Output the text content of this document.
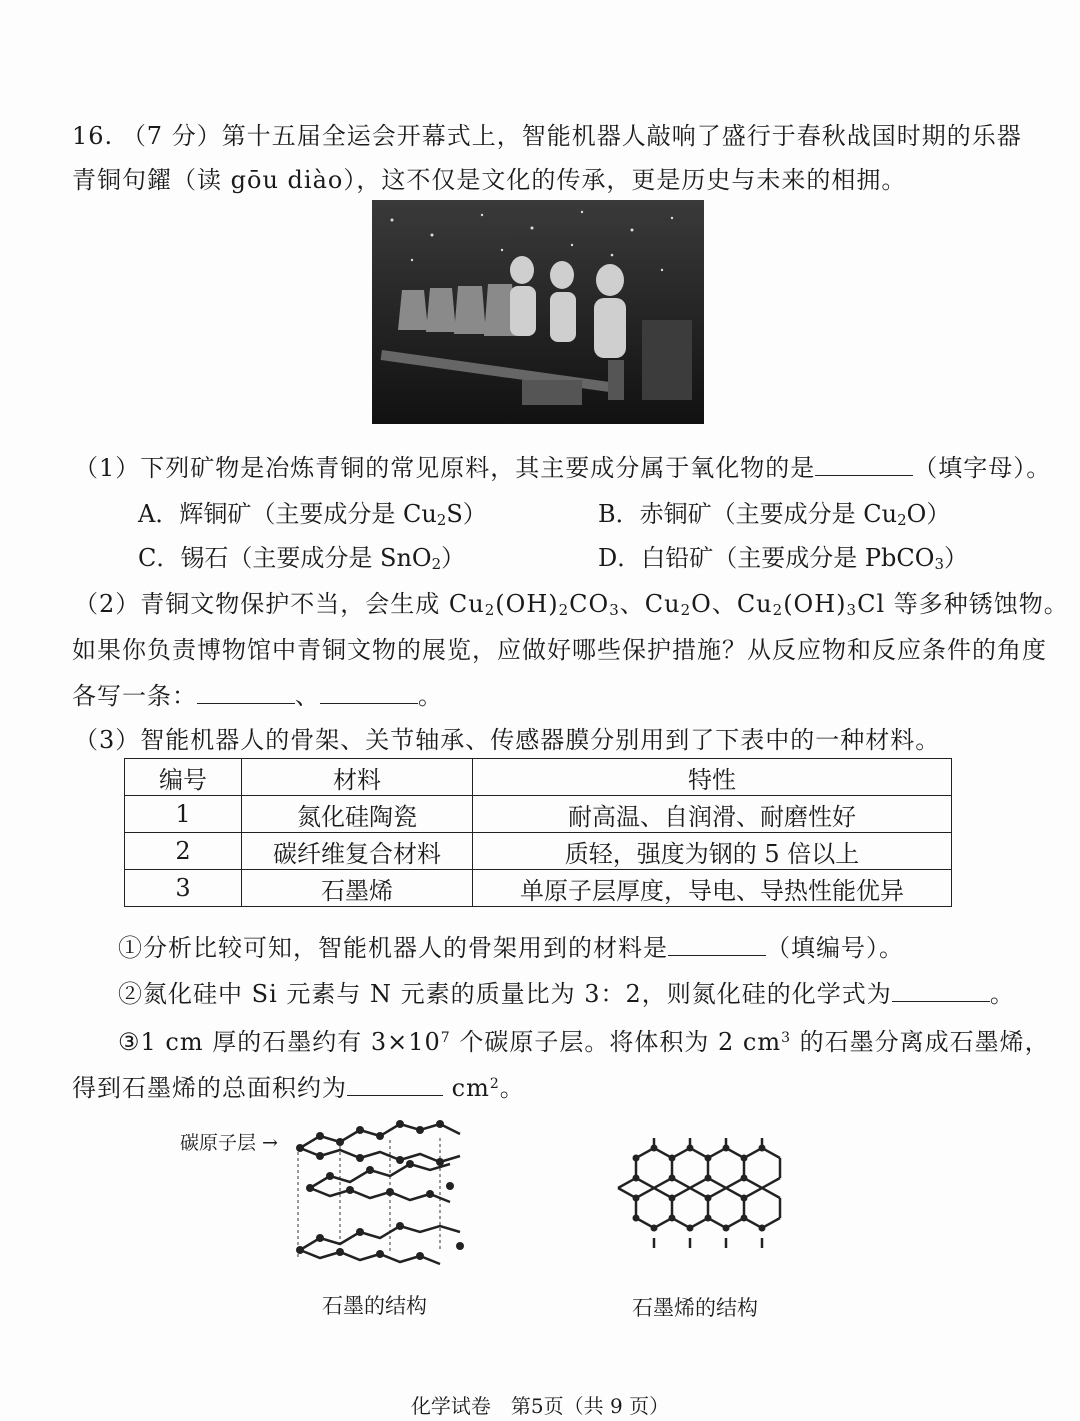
16. （7 分）第十五届全运会开幕式上，智能机器人敲响了盛行于春秋战国时期的乐器
青铜句鑃（读 gōu diào），这不仅是文化的传承，更是历史与未来的相拥。
（1）下列矿物是冶炼青铜的常见原料，其主要成分属于氧化物的是	（填字母）。
A．辉铜矿（主要成分是 $Cu_2S$）	B．赤铜矿（主要成分是 $Cu_2O$）
C．锡石（主要成分是 SnO$_2$）	D．白铅矿（主要成分是 PbCO$_3$）
（2）青铜文物保护不当，会生成 $Cu_2(OH)_2CO_3$、$Cu_2O$、$Cu_2(OH)_3Cl$ 等多种锈蚀物。
如果你负责博物馆中青铜文物的展览，应做好哪些保护措施？从反应物和反应条件的角度
各写一条：	、	。
（3）智能机器人的骨架、关节轴承、传感器膜分别用到了下表中的一种材料。
编号	材料	特性
1	氮化硅陶瓷	耐高温、自润滑、耐磨性好
2	碳纤维复合材料	质轻，强度为钢的 5 倍以上
3	石墨烯	单原子层厚度，导电、导热性能优异
①分析比较可知，智能机器人的骨架用到的材料是	（填编号）。
②氮化硅中 Si 元素与 N 元素的质量比为 3：2，则氮化硅的化学式为	。
③1 cm 厚的石墨约有 $3\times 10^7$ 个碳原子层。将体积为 2 $cm^3$ 的石墨分离成石墨烯，
得到石墨烯的总面积约为	$cm^2$。
碳原子层 →
石墨的结构	石墨烯的结构
化学试卷　第5页（共 9 页）
